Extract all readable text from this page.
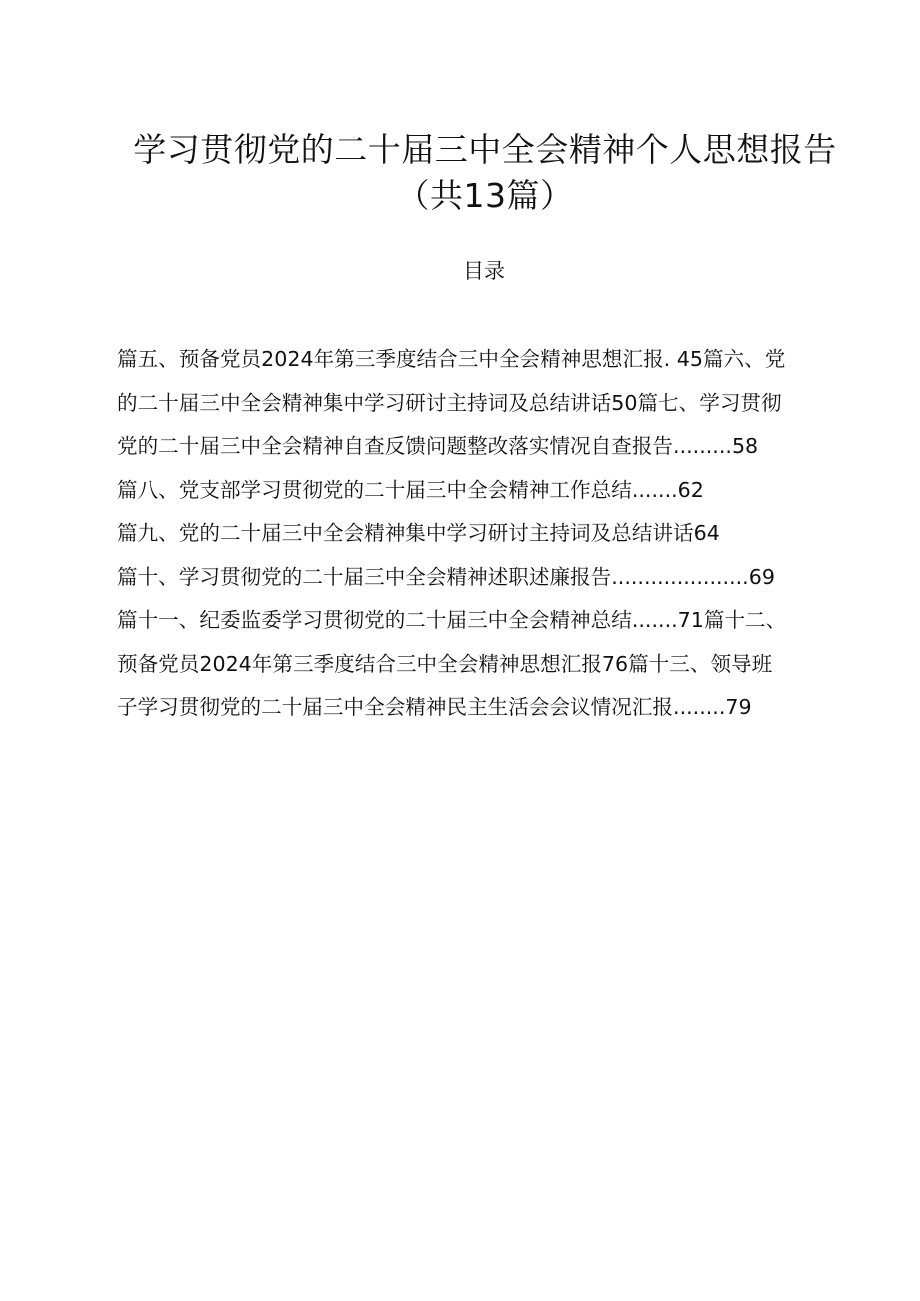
学习贯彻党的二十届三中全会精神个人思想报告（共13篇）
目录
篇五、预备党员2024年第三季度结合三中全会精神思想汇报. 45篇六、党
的二十届三中全会精神集中学习研讨主持词及总结讲话50篇七、学习贯彻
党的二十届三中全会精神自查反馈问题整改落实情况自查报告.........58
篇八、党支部学习贯彻党的二十届三中全会精神工作总结.......62
篇九、党的二十届三中全会精神集中学习研讨主持词及总结讲话64
篇十、学习贯彻党的二十届三中全会精神述职述廉报告.....................69
篇十一、纪委监委学习贯彻党的二十届三中全会精神总结.......71篇十二、
预备党员2024年第三季度结合三中全会精神思想汇报76篇十三、领导班
子学习贯彻党的二十届三中全会精神民主生活会会议情况汇报........79
